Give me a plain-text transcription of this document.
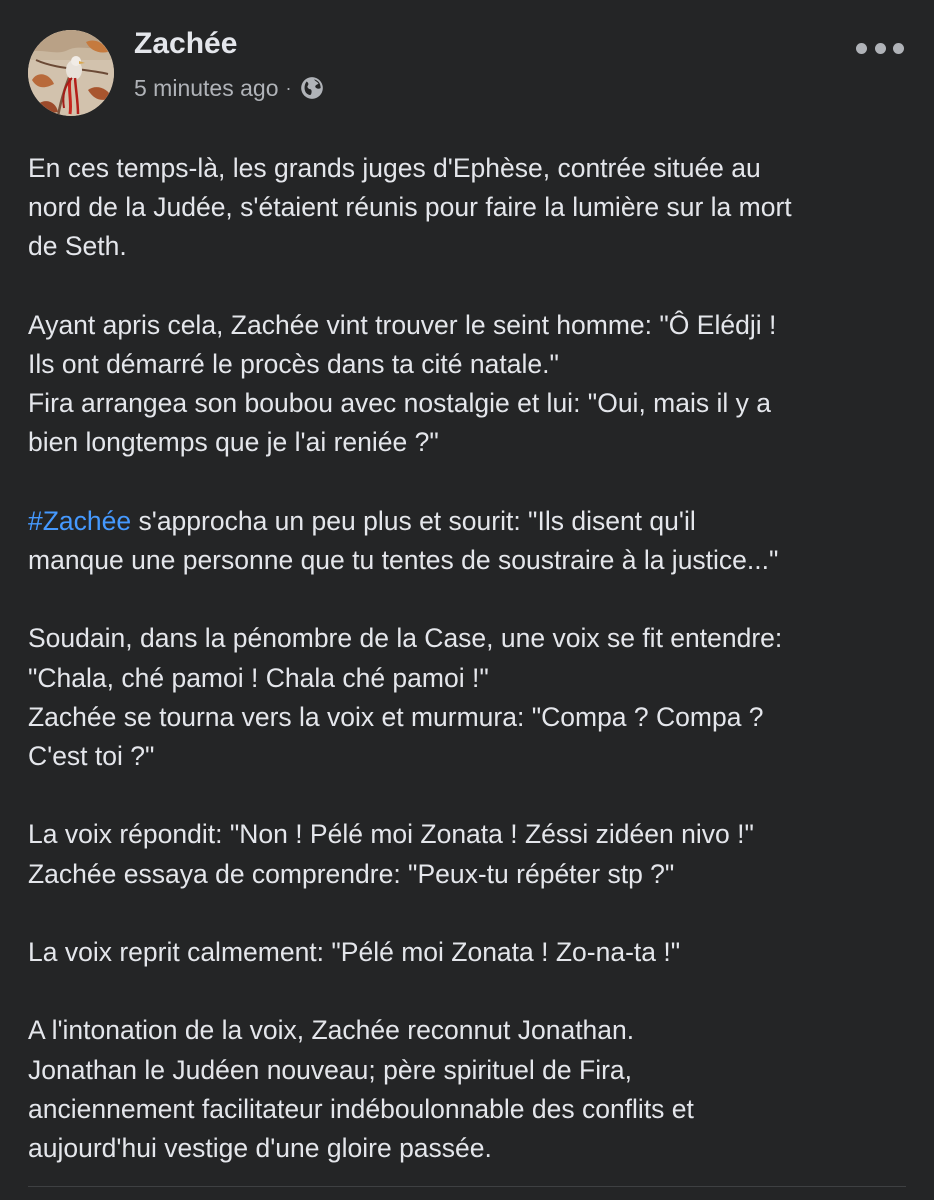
Zachée
5 minutes ago ·

En ces temps-là, les grands juges d'Ephèse, contrée située au
nord de la Judée, s'étaient réunis pour faire la lumière sur la mort
de Seth.

Ayant apris cela, Zachée vint trouver le seint homme: "Ô Elédji !
Ils ont démarré le procès dans ta cité natale."
Fira arrangea son boubou avec nostalgie et lui: "Oui, mais il y a
bien longtemps que je l'ai reniée ?"

#Zachée s'approcha un peu plus et sourit: "Ils disent qu'il
manque une personne que tu tentes de soustraire à la justice..."

Soudain, dans la pénombre de la Case, une voix se fit entendre:
"Chala, ché pamoi ! Chala ché pamoi !"
Zachée se tourna vers la voix et murmura: "Compa ? Compa ?
C'est toi ?"

La voix répondit: "Non ! Pélé moi Zonata ! Zéssi zidéen nivo !"
Zachée essaya de comprendre: "Peux-tu répéter stp ?"

La voix reprit calmement: "Pélé moi Zonata ! Zo-na-ta !"

A l'intonation de la voix, Zachée reconnut Jonathan.
Jonathan le Judéen nouveau; père spirituel de Fira,
anciennement facilitateur indéboulonnable des conflits et
aujourd'hui vestige d'une gloire passée.
